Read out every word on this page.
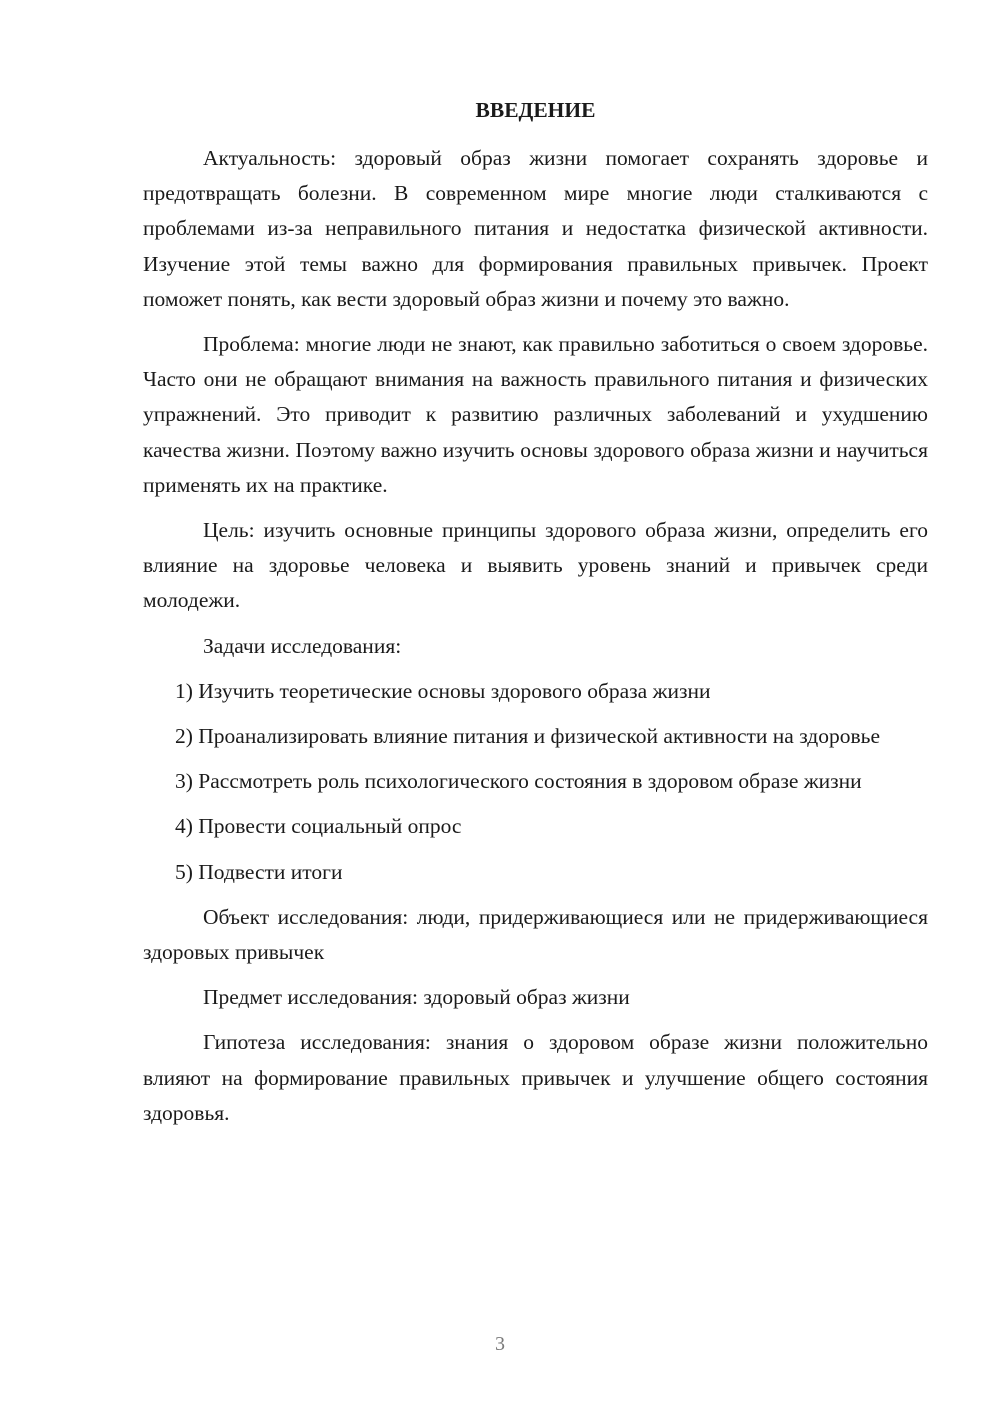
ВВЕДЕНИЕ

Актуальность: здоровый образ жизни помогает сохранять здоровье и предотвращать болезни. В современном мире многие люди сталкиваются с проблемами из-за неправильного питания и недостатка физической активности. Изучение этой темы важно для формирования правильных привычек. Проект поможет понять, как вести здоровый образ жизни и почему это важно.

Проблема: многие люди не знают, как правильно заботиться о своем здоровье. Часто они не обращают внимания на важность правильного питания и физических упражнений. Это приводит к развитию различных заболеваний и ухудшению качества жизни. Поэтому важно изучить основы здорового образа жизни и научиться применять их на практике.

Цель: изучить основные принципы здорового образа жизни, определить его влияние на здоровье человека и выявить уровень знаний и привычек среди молодежи.

Задачи исследования:

1) Изучить теоретические основы здорового образа жизни

2) Проанализировать влияние питания и физической активности на здоровье

3) Рассмотреть роль психологического состояния в здоровом образе жизни

4) Провести социальный опрос

5) Подвести итоги

Объект исследования: люди, придерживающиеся или не придерживающиеся здоровых привычек

Предмет исследования: здоровый образ жизни

Гипотеза исследования: знания о здоровом образе жизни положительно влияют на формирование правильных привычек и улучшение общего состояния здоровья.

3
